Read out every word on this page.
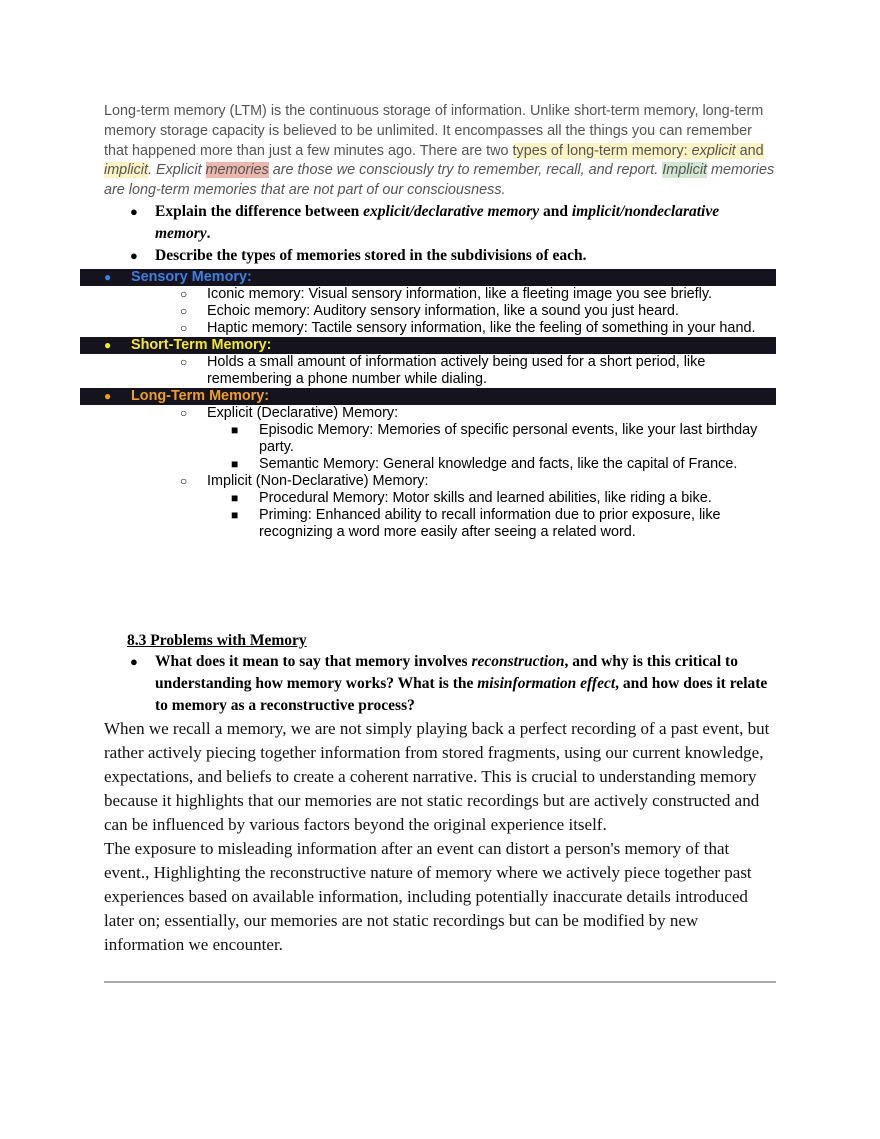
Long-term memory (LTM) is the continuous storage of information. Unlike short-term memory, long-term memory storage capacity is believed to be unlimited. It encompasses all the things you can remember that happened more than just a few minutes ago. There are two types of long-term memory: explicit and implicit. Explicit memories are those we consciously try to remember, recall, and report. Implicit memories are long-term memories that are not part of our consciousness.

● Explain the difference between explicit/declarative memory and implicit/nondeclarative memory.
● Describe the types of memories stored in the subdivisions of each.
● Sensory Memory:
○ Iconic memory: Visual sensory information, like a fleeting image you see briefly.
○ Echoic memory: Auditory sensory information, like a sound you just heard.
○ Haptic memory: Tactile sensory information, like the feeling of something in your hand.
● Short-Term Memory:
○ Holds a small amount of information actively being used for a short period, like remembering a phone number while dialing.
● Long-Term Memory:
○ Explicit (Declarative) Memory:
■ Episodic Memory: Memories of specific personal events, like your last birthday party.
■ Semantic Memory: General knowledge and facts, like the capital of France.
○ Implicit (Non-Declarative) Memory:
■ Procedural Memory: Motor skills and learned abilities, like riding a bike.
■ Priming: Enhanced ability to recall information due to prior exposure, like recognizing a word more easily after seeing a related word.
8.3 Problems with Memory
● What does it mean to say that memory involves reconstruction, and why is this critical to understanding how memory works? What is the misinformation effect, and how does it relate to memory as a reconstructive process?

When we recall a memory, we are not simply playing back a perfect recording of a past event, but rather actively piecing together information from stored fragments, using our current knowledge, expectations, and beliefs to create a coherent narrative. This is crucial to understanding memory because it highlights that our memories are not static recordings but are actively constructed and can be influenced by various factors beyond the original experience itself.

The exposure to misleading information after an event can distort a person's memory of that event., Highlighting the reconstructive nature of memory where we actively piece together past experiences based on available information, including potentially inaccurate details introduced later on; essentially, our memories are not static recordings but can be modified by new information we encounter.
